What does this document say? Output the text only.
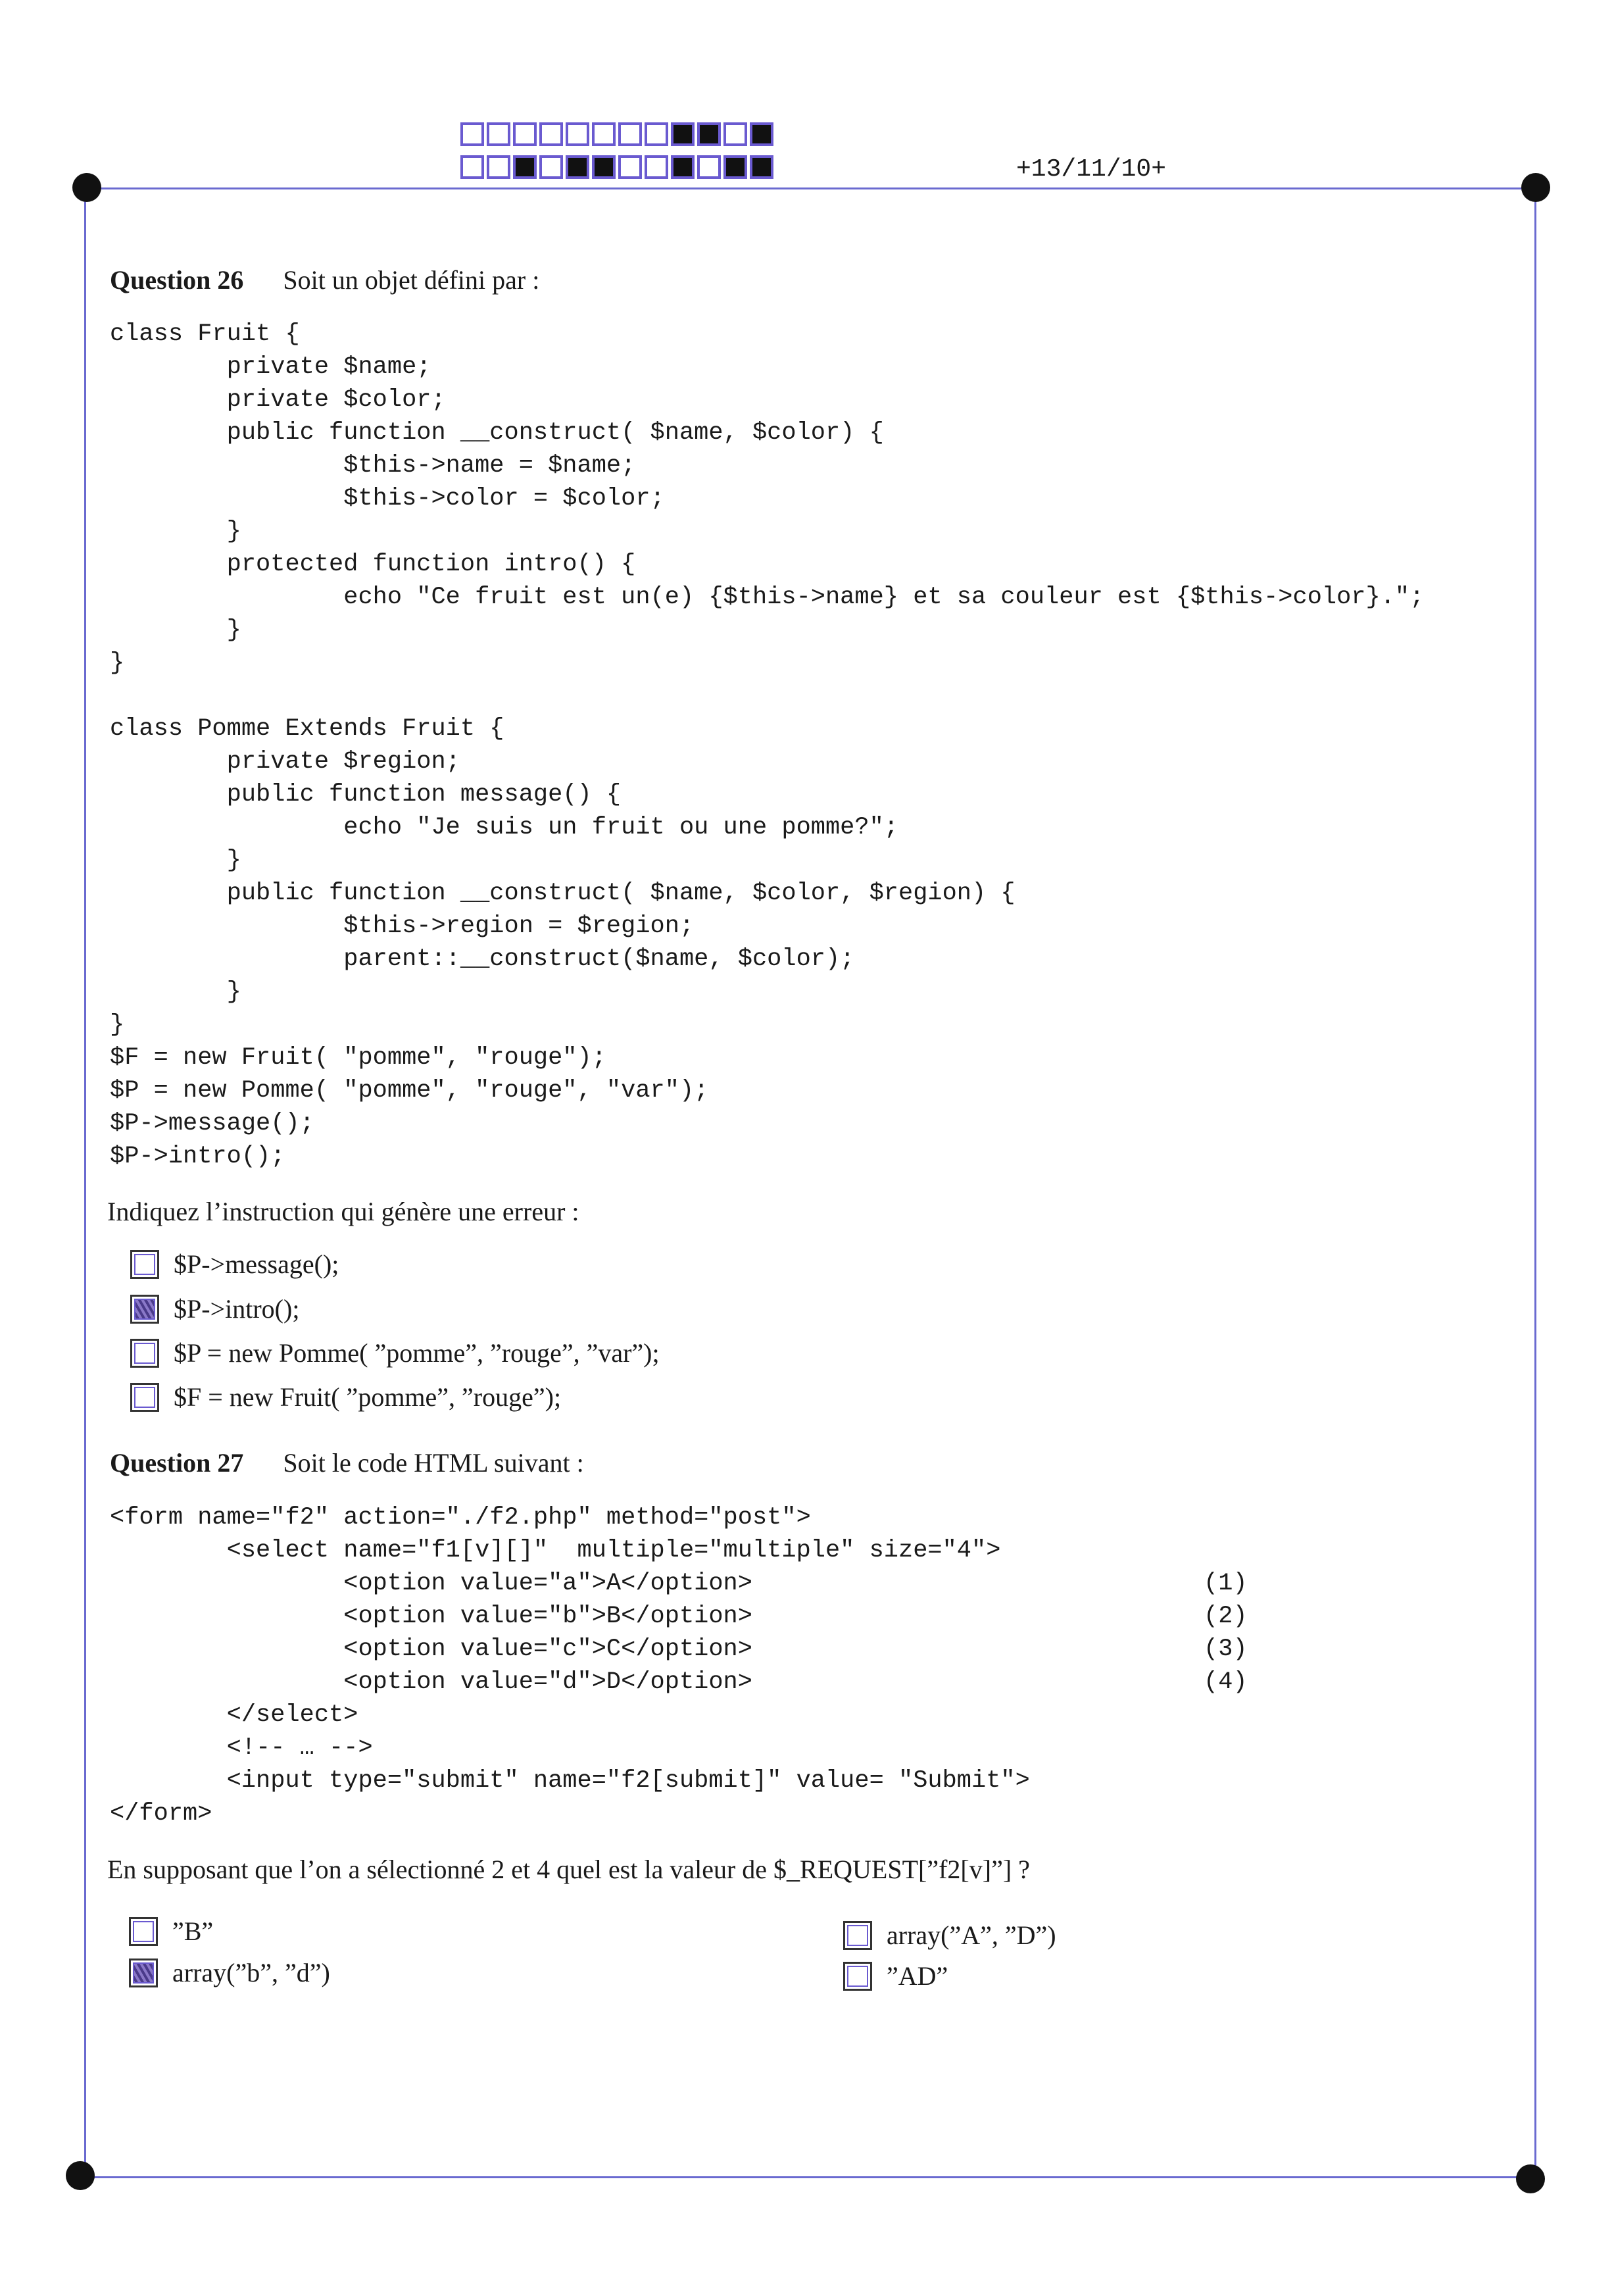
+13/11/10+
Question 26 Soit un objet défini par :
class Fruit {
private $name;
private $color;
public function __construct( $name, $color) {
$this->name = $name;
$this->color = $color;
}
protected function intro() {
echo "Ce fruit est un(e) {$this->name} et sa couleur est {$this->color}.";
}
}

class Pomme Extends Fruit {
private $region;
public function message() {
echo "Je suis un fruit ou une pomme?";
}
public function __construct( $name, $color, $region) {
$this->region = $region;
parent::__construct($name, $color);
}
}
$F = new Fruit( "pomme", "rouge");
$P = new Pomme( "pomme", "rouge", "var");
$P->message();
$P->intro();
Indiquez l’instruction qui génère une erreur :
$P->message();
$P->intro();
$P = new Pomme( ”pomme”, ”rouge”, ”var”);
$F = new Fruit( ”pomme”, ”rouge”);
Question 27 Soit le code HTML suivant :
<form name="f2" action="./f2.php" method="post">
<select name="f1[v][]"  multiple="multiple" size="4">
<option value="a">A</option>
<option value="b">B</option>
<option value="c">C</option>
<option value="d">D</option>
</select>
<!-- … -->
<input type="submit" name="f2[submit]" value= "Submit">
</form>
(1)
(2)
(3)
(4)
En supposant que l’on a sélectionné 2 et 4 quel est la valeur de $_REQUEST[”f2[v]”] ?
”B”
array(”b”, ”d”)
array(”A”, ”D”)
”AD”
